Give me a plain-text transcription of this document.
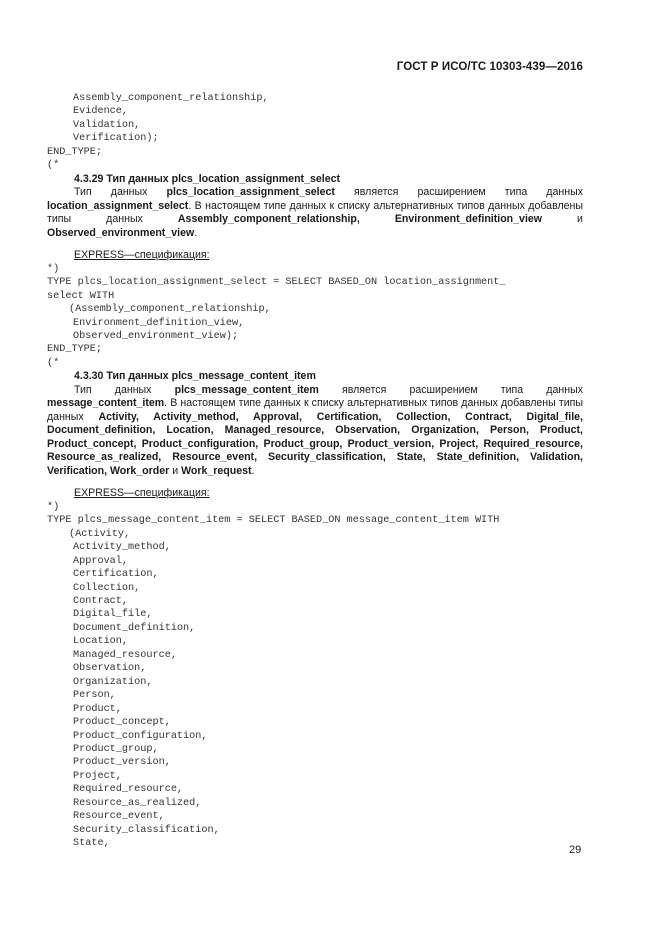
ГОСТ Р ИСО/ТС 10303-439—2016
Assembly_component_relationship,
Evidence,
Validation,
Verification);
END_TYPE;
(*

4.3.29 Тип данных plcs_location_assignment_select

Тип данных plcs_location_assignment_select является расширением типа данных location_assignment_select. В настоящем типе данных к списку альтернативных типов данных добавлены типы данных Assembly_component_relationship, Environment_definition_view и Observed_environment_view.

EXPRESS—спецификация:

*)
TYPE plcs_location_assignment_select = SELECT BASED_ON location_assignment_
select WITH
(Assembly_component_relationship,
Environment_definition_view,
Observed_environment_view);
END_TYPE;
(*

4.3.30 Тип данных plcs_message_content_item

Тип данных plcs_message_content_item является расширением типа данных message_content_item. В настоящем типе данных к списку альтернативных типов данных добавлены типы данных Activity, Activity_method, Approval, Certification, Collection, Contract, Digital_file, Document_definition, Location, Managed_resource, Observation, Organization, Person, Product, Product_concept, Product_configuration, Product_group, Product_version, Project, Required_resource, Resource_as_realized, Resource_event, Security_classification, State, State_definition, Validation, Verification, Work_order и Work_request.

EXPRESS—спецификация:

*)
TYPE plcs_message_content_item = SELECT BASED_ON message_content_item WITH
(Activity,
Activity_method,
Approval,
Certification,
Collection,
Contract,
Digital_file,
Document_definition,
Location,
Managed_resource,
Observation,
Organization,
Person,
Product,
Product_concept,
Product_configuration,
Product_group,
Product_version,
Project,
Required_resource,
Resource_as_realized,
Resource_event,
Security_classification,
State,
29
